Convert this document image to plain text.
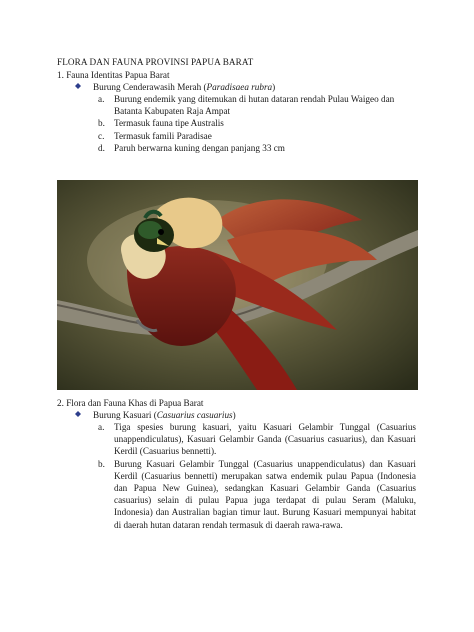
FLORA DAN FAUNA PROVINSI PAPUA BARAT
1. Fauna Identitas Papua Barat
Burung Cenderawasih Merah (Paradisaea rubra)
a.	Burung endemik yang ditemukan di hutan dataran rendah Pulau Waigeo dan Batanta Kabupaten Raja Ampat
b. Termasuk fauna tipe Australis
c.	Termasuk famili Paradisae
d. Paruh berwarna kuning dengan panjang 33 cm
2. Flora dan Fauna Khas di Papua Barat
Burung Kasuari (Casuarius casuarius)
a.	Tiga spesies burung kasuari, yaitu Kasuari Gelambir Tunggal (Casuarius unappendiculatus), Kasuari Gelambir Ganda (Casuarius casuarius), dan Kasuari Kerdil (Casuarius bennetti).
b. Burung Kasuari Gelambir Tunggal (Casuarius unappendiculatus) dan Kasuari Kerdil (Casuarius bennetti) merupakan satwa endemik pulau Papua (Indonesia dan Papua New Guinea), sedangkan Kasuari Gelambir Ganda (Casuarius casuarius) selain di pulau Papua juga terdapat di pulau Seram (Maluku, Indonesia) dan Australian bagian timur laut. Burung Kasuari mempunyai habitat di daerah hutan dataran rendah termasuk di daerah rawa-rawa.
